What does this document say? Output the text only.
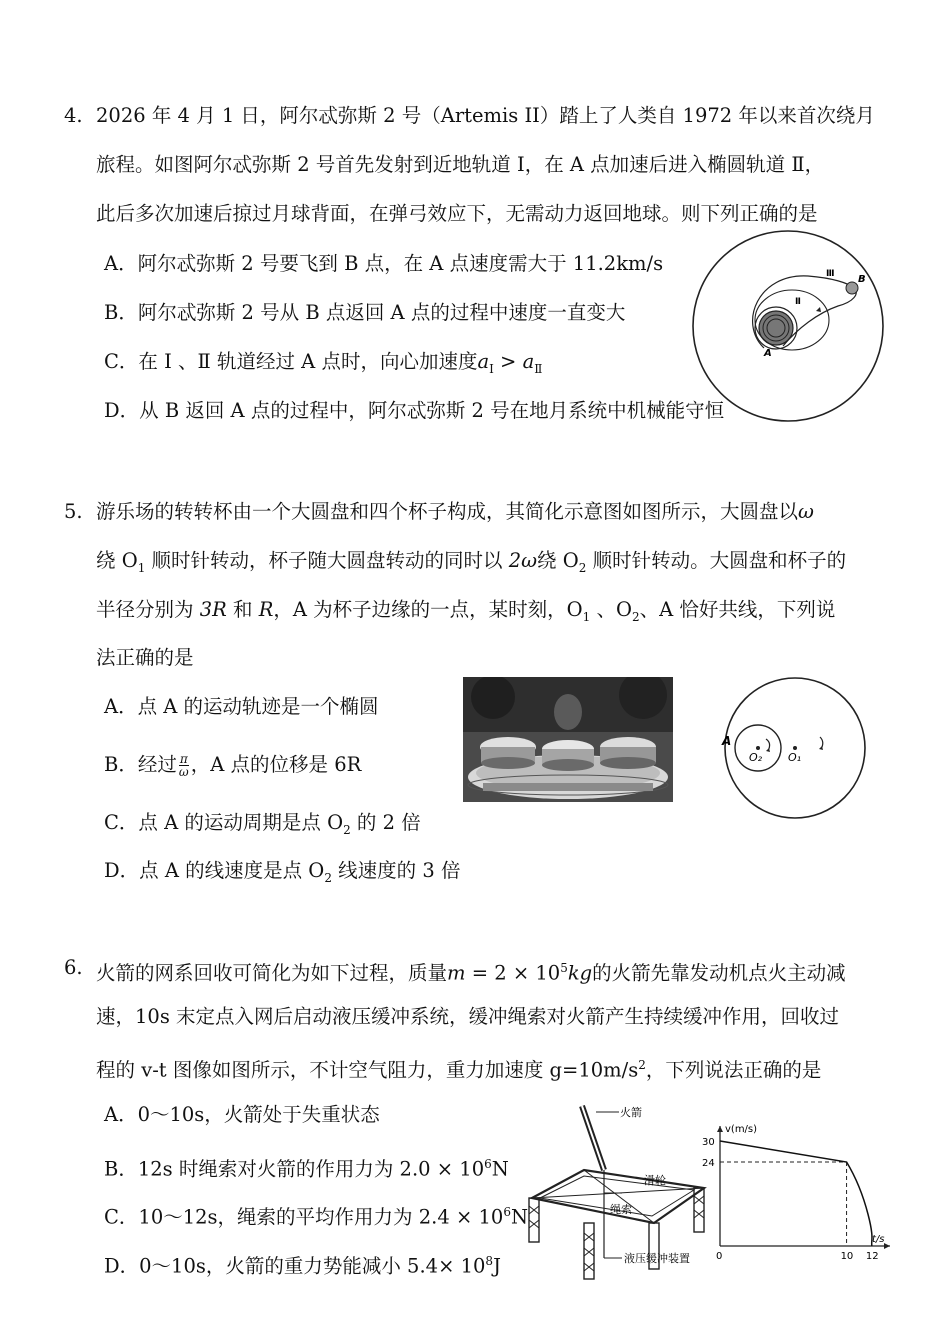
4. 2026 年 4 月 1 日，阿尔忒弥斯 2 号（Artemis II）踏上了人类自 1972 年以来首次绕月
旅程。如图阿尔忒弥斯 2 号首先发射到近地轨道 Ⅰ，在 A 点加速后进入椭圆轨道 Ⅱ，
此后多次加速后掠过月球背面，在弹弓效应下，无需动力返回地球。则下列正确的是
A．阿尔忒弥斯 2 号要飞到 B 点，在 A 点速度需大于 11.2km/s
B．阿尔忒弥斯 2 号从 B 点返回 A 点的过程中速度一直变大
C．在 Ⅰ 、Ⅱ 轨道经过 A 点时，向心加速度$a_Ⅰ > a_Ⅱ$
D．从 B 返回 A 点的过程中，阿尔忒弥斯 2 号在地月系统中机械能守恒
A
B
Ⅱ
Ⅲ
5. 游乐场的转转杯由一个大圆盘和四个杯子构成，其简化示意图如图所示，大圆盘以ω
绕 $O_1$ 顺时针转动，杯子随大圆盘转动的同时以 2ω绕 $O_2$ 顺时针转动。大圆盘和杯子的
半径分别为 3R 和 R，A 为杯子边缘的一点，某时刻，$O_1$ 、$O_2$、A 恰好共线，下列说
法正确的是
A．点 A 的运动轨迹是一个椭圆
B．经过 $\frac{\pi}{\omega}$ ，A 点的位移是 6R
C．点 A 的运动周期是点 $O_2$ 的 2 倍
D．点 A 的线速度是点 $O_2$ 线速度的 3 倍
A
O₂ O₁
6. 火箭的网系回收可简化为如下过程，质量$m = 2 \times 10^5kg$的火箭先靠发动机点火主动减
速，10s 末定点入网后启动液压缓冲系统，缓冲绳索对火箭产生持续缓冲作用，回收过
程的 v-t 图像如图所示，不计空气阻力，重力加速度 $g=10m/s^2$，下列说法正确的是
A．0～10s，火箭处于失重状态
B．12s 时绳索对火箭的作用力为 $2.0 \times 10^6N$
C．10～12s，绳索的平均作用力为 $2.4 \times 10^6N$
D．0～10s，火箭的重力势能减小 $5.4\times 10^8J$
火箭
滑轮
绳索
液压缓冲装置
v(m/s)
t/s
24
30
0	10 12
